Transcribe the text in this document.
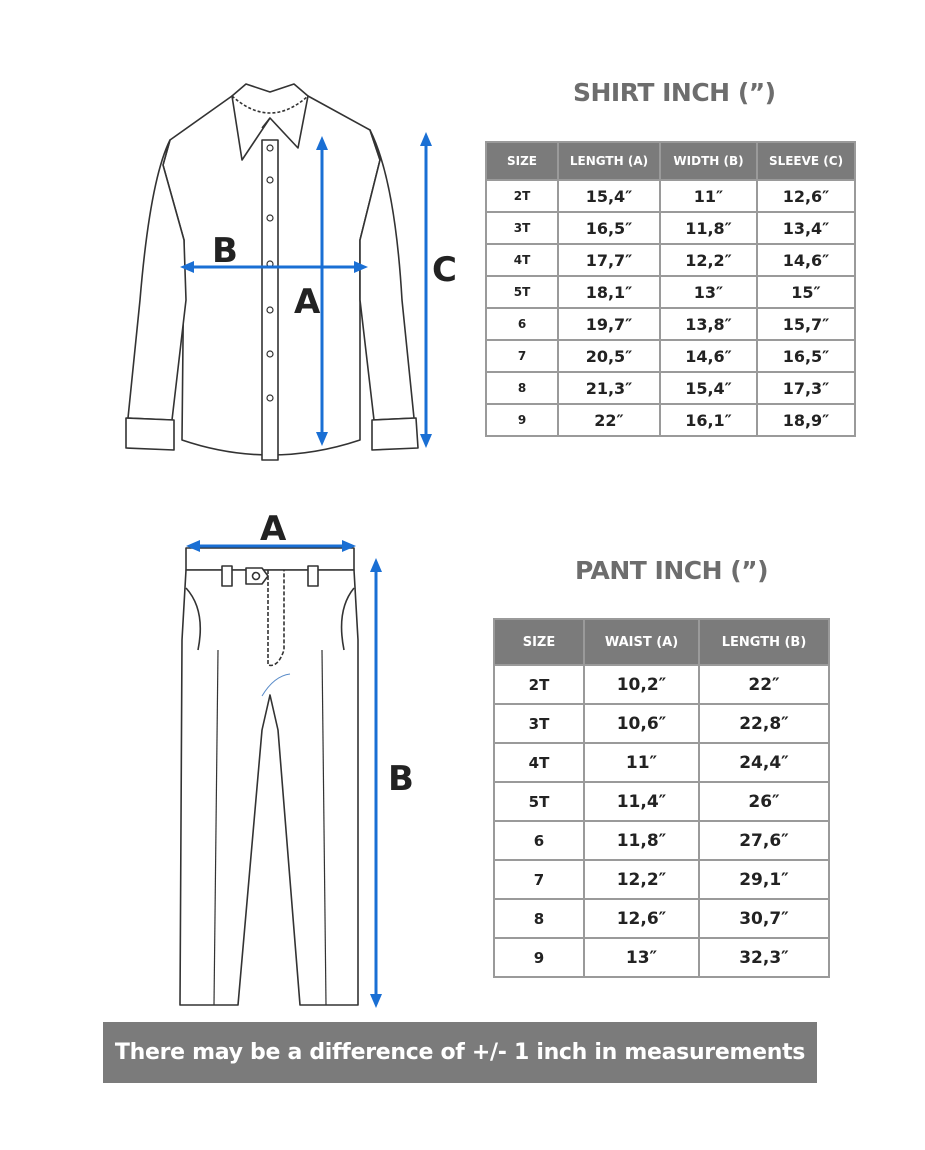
B
A
C
SHIRT INCH (”)
SIZE	LENGTH (A)	WIDTH (B)	SLEEVE (C)
2T	15,4″	11″	12,6″
3T	16,5″	11,8″	13,4″
4T	17,7″	12,2″	14,6″
5T	18,1″	13″	15″
6	19,7″	13,8″	15,7″
7	20,5″	14,6″	16,5″
8	21,3″	15,4″	17,3″
9	22″	16,1″	18,9″
A
B
PANT INCH (”)
SIZE	WAIST (A)	LENGTH (B)
2T	10,2″	22″
3T	10,6″	22,8″
4T	11″	24,4″
5T	11,4″	26″
6	11,8″	27,6″
7	12,2″	29,1″
8	12,6″	30,7″
9	13″	32,3″
There may be a difference of +/- 1 inch in measurements
